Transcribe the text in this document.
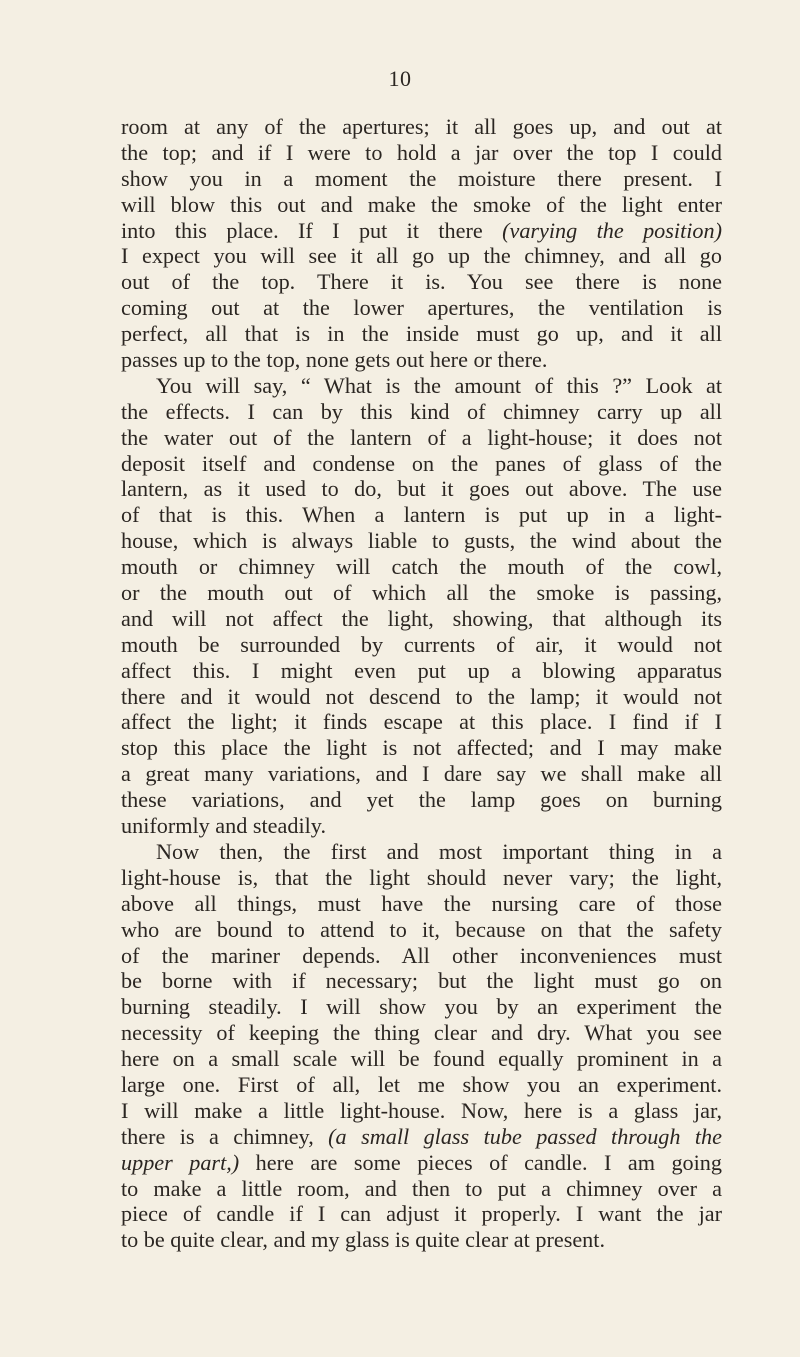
10
room at any of the apertures; it all goes up, and out at
the top; and if I were to hold a jar over the top I could
show you in a moment the moisture there present. I
will blow this out and make the smoke of the light enter
into this place. If I put it there (varying the position)
I expect you will see it all go up the chimney, and all go
out of the top. There it is. You see there is none
coming out at the lower apertures, the ventilation is
perfect, all that is in the inside must go up, and it all
passes up to the top, none gets out here or there.
You will say, “ What is the amount of this ?” Look at
the effects. I can by this kind of chimney carry up all
the water out of the lantern of a light-house; it does not
deposit itself and condense on the panes of glass of the
lantern, as it used to do, but it goes out above. The use
of that is this. When a lantern is put up in a light-
house, which is always liable to gusts, the wind about the
mouth or chimney will catch the mouth of the cowl,
or the mouth out of which all the smoke is passing,
and will not affect the light, showing, that although its
mouth be surrounded by currents of air, it would not
affect this. I might even put up a blowing apparatus
there and it would not descend to the lamp; it would not
affect the light; it finds escape at this place. I find if I
stop this place the light is not affected; and I may make
a great many variations, and I dare say we shall make all
these variations, and yet the lamp goes on burning
uniformly and steadily.
Now then, the first and most important thing in a
light-house is, that the light should never vary; the light,
above all things, must have the nursing care of those
who are bound to attend to it, because on that the safety
of the mariner depends. All other inconveniences must
be borne with if necessary; but the light must go on
burning steadily. I will show you by an experiment the
necessity of keeping the thing clear and dry. What you see
here on a small scale will be found equally prominent in a
large one. First of all, let me show you an experiment.
I will make a little light-house. Now, here is a glass jar,
there is a chimney, (a small glass tube passed through the
upper part,) here are some pieces of candle. I am going
to make a little room, and then to put a chimney over a
piece of candle if I can adjust it properly. I want the jar
to be quite clear, and my glass is quite clear at present.
